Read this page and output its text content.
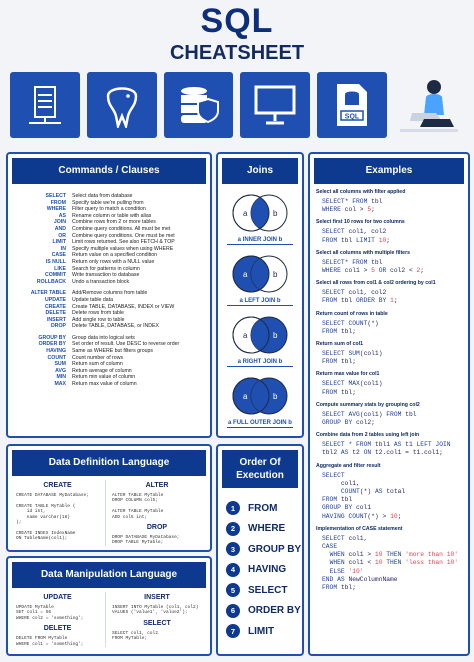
SQL
CHEATSHEET
SQL
Commands / Clauses
SELECT	Select data from database
FROM	Specify table we're pulling from
WHERE	Filter query to match a condition
AS	Rename column or table with alias
JOIN	Combine rows from 2 or more tables
AND	Combine query conditions. All must be met
OR	Combine query conditions. One must be met
LIMIT	Limit rows returned. See also FETCH & TOP
IN	Specify multiple values when using WHERE
CASE	Return value on a specified condition
IS NULL	Return only rows with a NULL value
LIKE	Search for patterns in column
COMMIT	Write transaction to database
ROLLBACK	Undo a transaction block
ALTER TABLE	Add/Remove columns from table
UPDATE	Update table data
CREATE	Create TABLE, DATABASE, INDEX or VIEW
DELETE	Delete rows from table
INSERT	Add single row to table
DROP	Delete TABLE, DATABASE, or INDEX
GROUP BY	Group data into logical sets
ORDER BY	Set order of result. Use DESC to reverse order
HAVING	Same as WHERE but filters groups
COUNT	Count number of rows
SUM	Return sum of column
AVG	Return average of column
MIN	Return min value of column
MAX	Return max value of column
Joins
a	b
a INNER JOIN b
a	b
a LEFT JOIN b
a	b
a RIGHT JOIN b
a	b
a FULL OUTER JOIN b
Examples
Select all columns with filter applied
SELECT* FROM tbl
WHERE col > 5;
Select first 10 rows for two columns
SELECT col1, col2
FROM tbl LIMIT 10;
Select all columns with multiple filters
SELECT* FROM tbl
WHERE col1 > 5 OR col2 < 2;
Select all rows from col1 & col2 ordering by col1
SELECT col1, col2
FROM tbl ORDER BY 1;
Return count of rows in table
SELECT COUNT(*)
FROM tbl;
Return sum of col1
SELECT SUM(col1)
FROM tbl;
Return max value for col1
SELECT MAX(col1)
FROM tbl;
Compute summary stats by grouping col2
SELECT AVG(col1) FROM tbl
GROUP BY col2;
Combine data from 2 tables using left join
SELECT * FROM tbl1 AS t1 LEFT JOIN
tbl2 AS t2 ON t2.col1 = t1.col1;
Aggregate and filter result
SELECT
col1,
COUNT(*) AS total
FROM tbl
GROUP BY col1
HAVING COUNT(*) > 10;
Implementation of CASE statement
SELECT col1,
CASE
WHEN col1 > 10 THEN 'more than 10'
WHEN col1 < 10 THEN 'less than 10'
ELSE '10'
END AS NewColumnName
FROM tbl;
Data Definition Language
CREATE
CREATE DATABASE MyDatabase;

CREATE TABLE MyTable (
id int,
name varchar(16)
);

CREATE INDEX IndexName
ON TableName(col1);
ALTER
ALTER TABLE MyTable
DROP COLUMN col5;

ALTER TABLE MyTable
ADD col5 int;
DROP
DROP DATABASE MyDatabase;
DROP TABLE MyTable;
Data Manipulation Language
UPDATE
UPDATE MyTable
SET col1 = 56
WHERE col2 = 'something';
DELETE
DELETE FROM MyTable
WHERE col1 = 'something';
INSERT
INSERT INTO MyTable (col1, col2)
VALUES ('value1', 'value2');
SELECT
SELECT col1, col2
FROM MyTable;
Order Of Execution
1	FROM
2	WHERE
3	GROUP BY
4	HAVING
5	SELECT
6	ORDER BY
7	LIMIT
